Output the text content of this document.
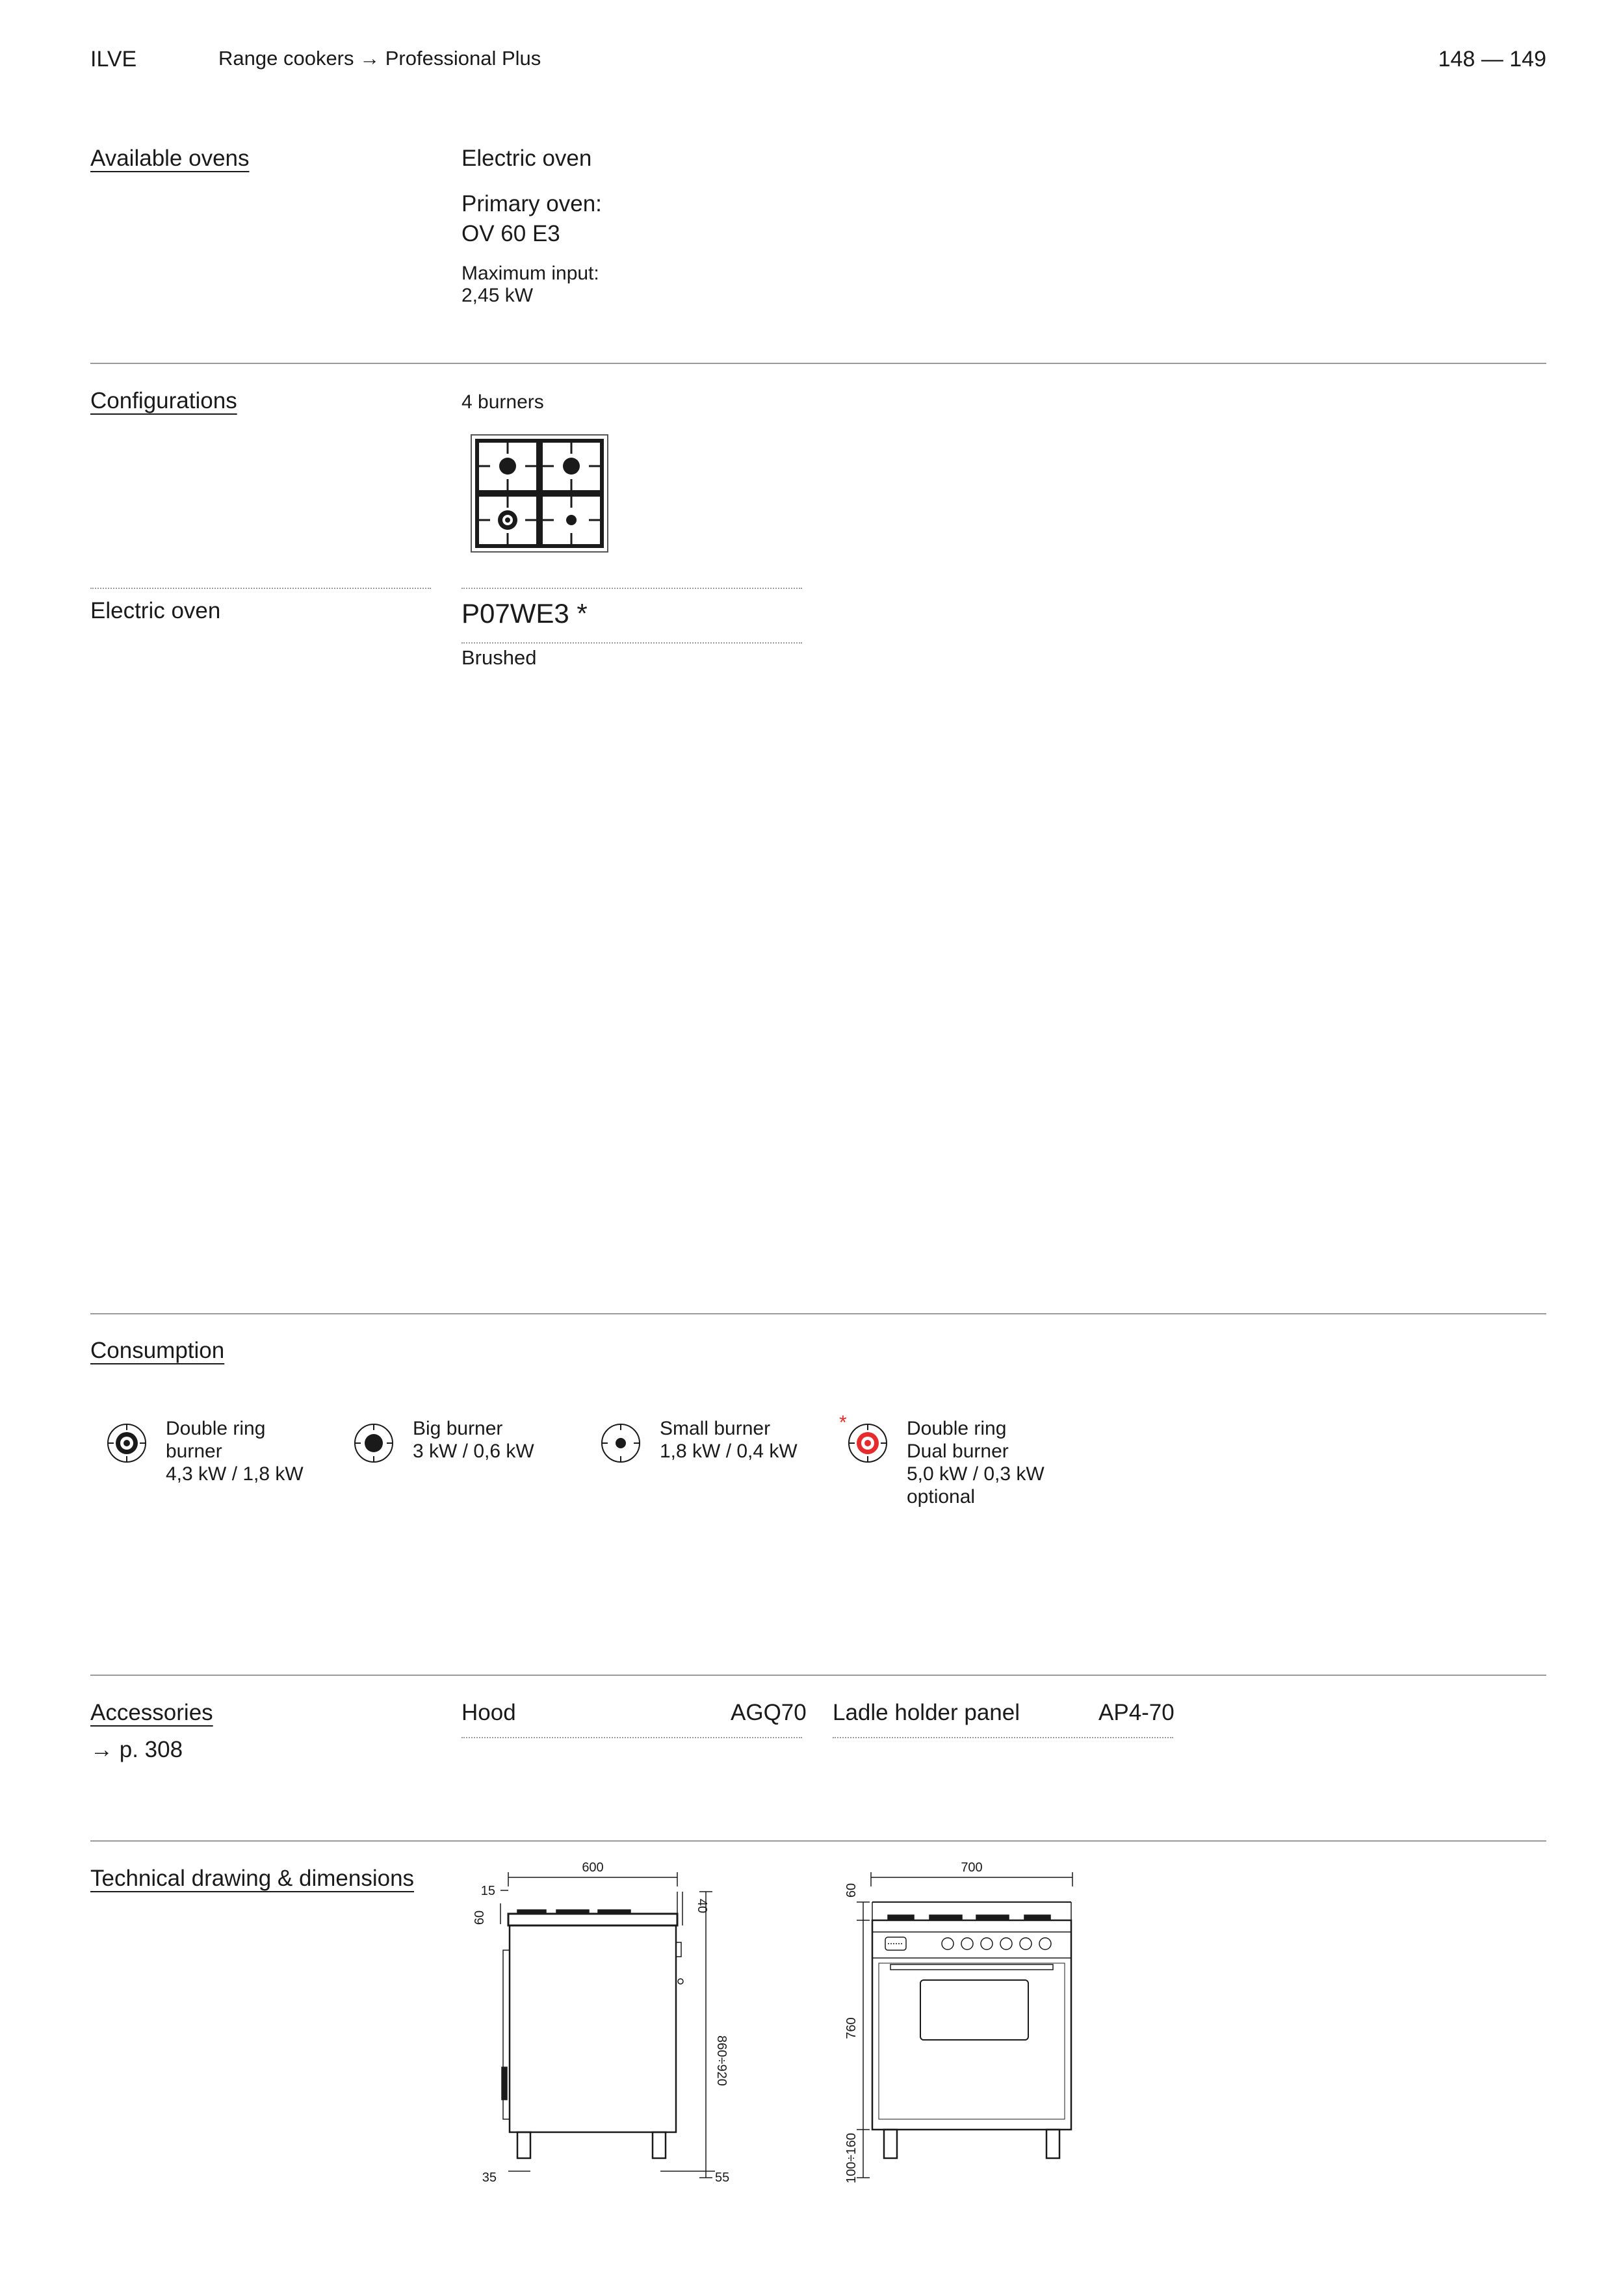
ILVE	Range cookers → Professional Plus	148 — 149
Available ovens	Electric oven
Primary oven:
OV 60 E3
Maximum input:
2,45 kW
Configurations	4 burners
Electric oven	P07WE3 *
Brushed
Consumption
Double ring
burner
4,3 kW / 1,8 kW
Big burner
3 kW / 0,6 kW
Small burner
1,8 kW / 0,4 kW
*	Double ring
Dual burner
5,0 kW / 0,3 kW
optional
Accessories
→ p. 308
Hood	AGQ70 Ladle holder panel	AP4-70
Technical drawing & dimensions	600
15
60
40
860÷920
35	55
700
60
760
100÷160
